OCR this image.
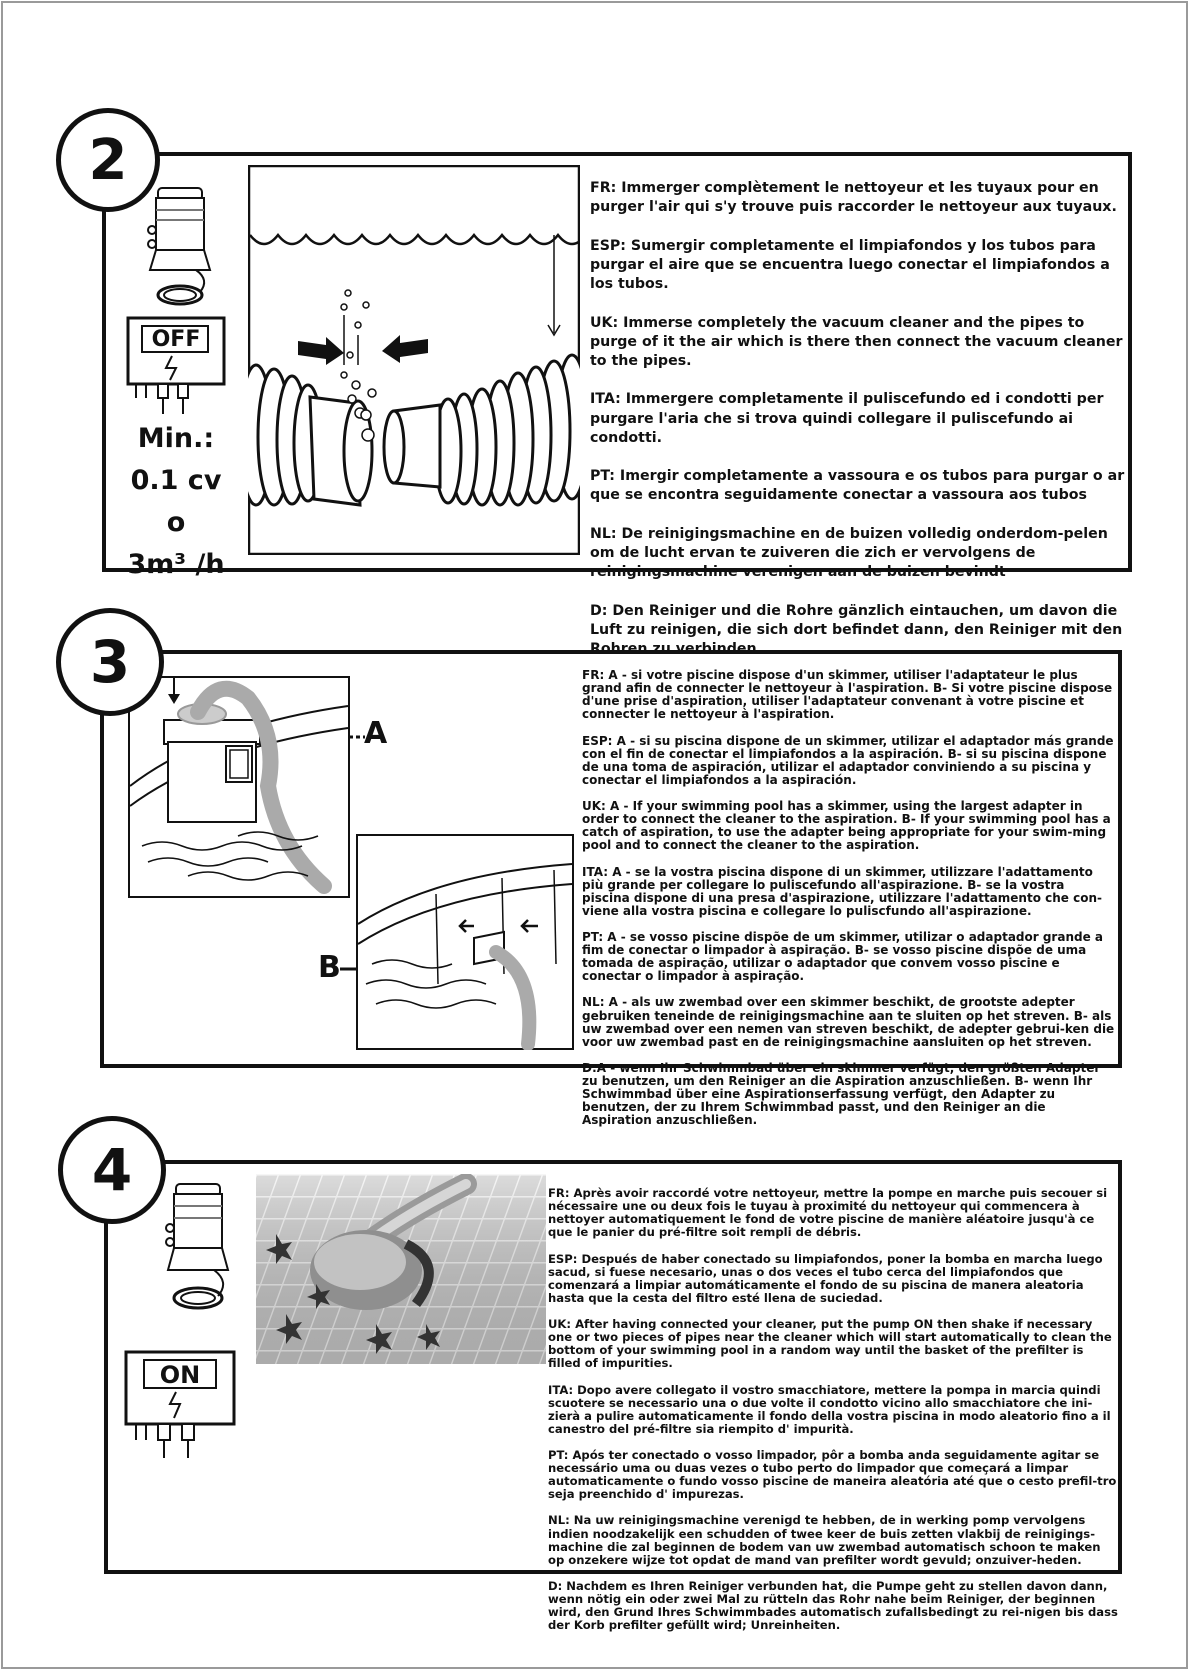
2
OFF
Min.:
0.1 cv
o
3m³ /h

FR: Immerger complètement le nettoyeur et les tuyaux pour en purger l'air qui s'y trouve puis raccorder le nettoyeur aux tuyaux.

ESP: Sumergir completamente el limpiafondos y los tubos para purgar el aire que se encuentra luego conectar el limpiafondos a los tubos.

UK: Immerse completely the vacuum cleaner and the pipes to purge of it the air which is there then connect the vacuum cleaner to the pipes.

ITA: Immergere completamente il puliscefundo ed i condotti per purgare l'aria che si trova quindi collegare il puliscefundo ai condotti.

PT: Imergir completamente a vassoura e os tubos para purgar o ar que se encontra seguidamente conectar a vassoura aos tubos

NL: De reinigingsmachine en de buizen volledig onderdom-pelen om de lucht ervan te zuiveren die zich er vervolgens de reinigingsmachine verenigen aan de buizen bevindt

D: Den Reiniger und die Rohre gänzlich eintauchen, um davon die Luft zu reinigen, die sich dort befindet dann, den Reiniger mit den

3
A
B

FR: A - si votre piscine dispose d'un skimmer, utiliser l'adaptateur le plus grand afin de connecter le nettoyeur à l'aspiration. B- Si votre piscine dispose d'une prise d'aspiration, utiliser l'adaptateur convenant à votre piscine et connecter le nettoyeur à l'aspiration.

ESP: A - si su piscina dispone de un skimmer, utilizar el adaptador más grande con el fin de conectar el limpiafondos a la aspiración. B- si su piscina dispone de una toma de aspiración, utilizar el adaptador conviniendo a su piscina y conectar el limpiafondos a la aspiración.

UK: A - If your swimming pool has a skimmer, using the largest adapter in order to connect the cleaner to the aspiration. B- If your swimming pool has a catch of aspiration, to use the adapter being appropriate for your swim-ming pool and to connect the cleaner to the aspiration.

ITA: A - se la vostra piscina dispone di un skimmer, utilizzare l'adattamento più grande per collegare lo puliscefundo all'aspirazione. B- se la vostra piscina dispone di una presa d'aspirazione, utilizzare l'adattamento che con-viene alla vostra piscina e collegare lo puliscfundo all'aspirazione.

PT: A - se vosso piscine dispõe de um skimmer, utilizar o adaptador grande a fim de conectar o limpador à aspiração. B- se vosso piscine dispõe de uma tomada de aspiração, utilizar o adaptador que convem vosso piscine e conectar o limpador à aspiração.

NL: A - als uw zwembad over een skimmer beschikt, de grootste adepter gebruiken teneinde de reinigingsmachine aan te sluiten op het streven. B- als uw zwembad over een nemen van streven beschikt, de adepter gebrui-ken die voor uw zwembad past en de reinigingsmachine aansluiten op het streven.

D:A - wenn Ihr Schwimmbad über ein skimmer verfügt, den größten Adapter zu benutzen, um den Reiniger an die Aspiration anzuschließen. B- wenn Ihr Schwimmbad über eine Aspirationserfassung verfügt, den Adapter zu benutzen, der zu Ihrem Schwimmbad passt, und den Reiniger an die Aspiration anzuschließen.

4
ON

FR: Après avoir raccordé votre nettoyeur, mettre la pompe en marche puis secouer si nécessaire une ou deux fois le tuyau à proximité du nettoyeur qui commencera à nettoyer automatiquement le fond de votre piscine de manière aléatoire jusqu'à ce que le panier du pré-filtre soit rempli de débris.

ESP: Después de haber conectado su limpiafondos, poner la bomba en marcha luego sacud, si fuese necesario, unas o dos veces el tubo cerca del limpiafondos que comenzará a limpiar automáticamente el fondo de su piscina de manera aleatoria hasta que la cesta del filtro esté llena de suciedad.

UK: After having connected your cleaner, put the pump ON then shake if necessary one or two pieces of pipes near the cleaner which will start automatically to clean the bottom of your swimming pool in a random way until the basket of the prefilter is filled of impurities.

ITA: Dopo avere collegato il vostro smacchiatore, mettere la pompa in marcia quindi scuotere se necessario una o due volte il condotto vicino allo smacchiatore che ini-zierà a pulire automaticamente il fondo della vostra piscina in modo aleatorio fino a il canestro del pré-filtre sia riempito d' impurità.

PT: Após ter conectado o vosso limpador, pôr a bomba anda seguidamente agitar se necessário uma ou duas vezes o tubo perto do limpador que começará a limpar automaticamente o fundo vosso piscine de maneira aleatória até que o cesto prefil-tro seja preenchido d' impurezas.

NL: Na uw reinigingsmachine verenigd te hebben, de in werking pomp vervolgens indien noodzakelijk een schudden of twee keer de buis zetten vlakbij de reinigings-machine die zal beginnen de bodem van uw zwembad automatisch schoon te maken op onzekere wijze tot opdat de mand van prefilter wordt gevuld; onzuiver-heden.

D: Nachdem es Ihren Reiniger verbunden hat, die Pumpe geht zu stellen davon dann, wenn nötig ein oder zwei Mal zu rütteln das Rohr nahe beim Reiniger, der beginnen wird, den Grund Ihres Schwimmbades automatisch zufallsbedingt zu rei-nigen bis dass der Korb prefilter gefüllt wird; Unreinheiten.
